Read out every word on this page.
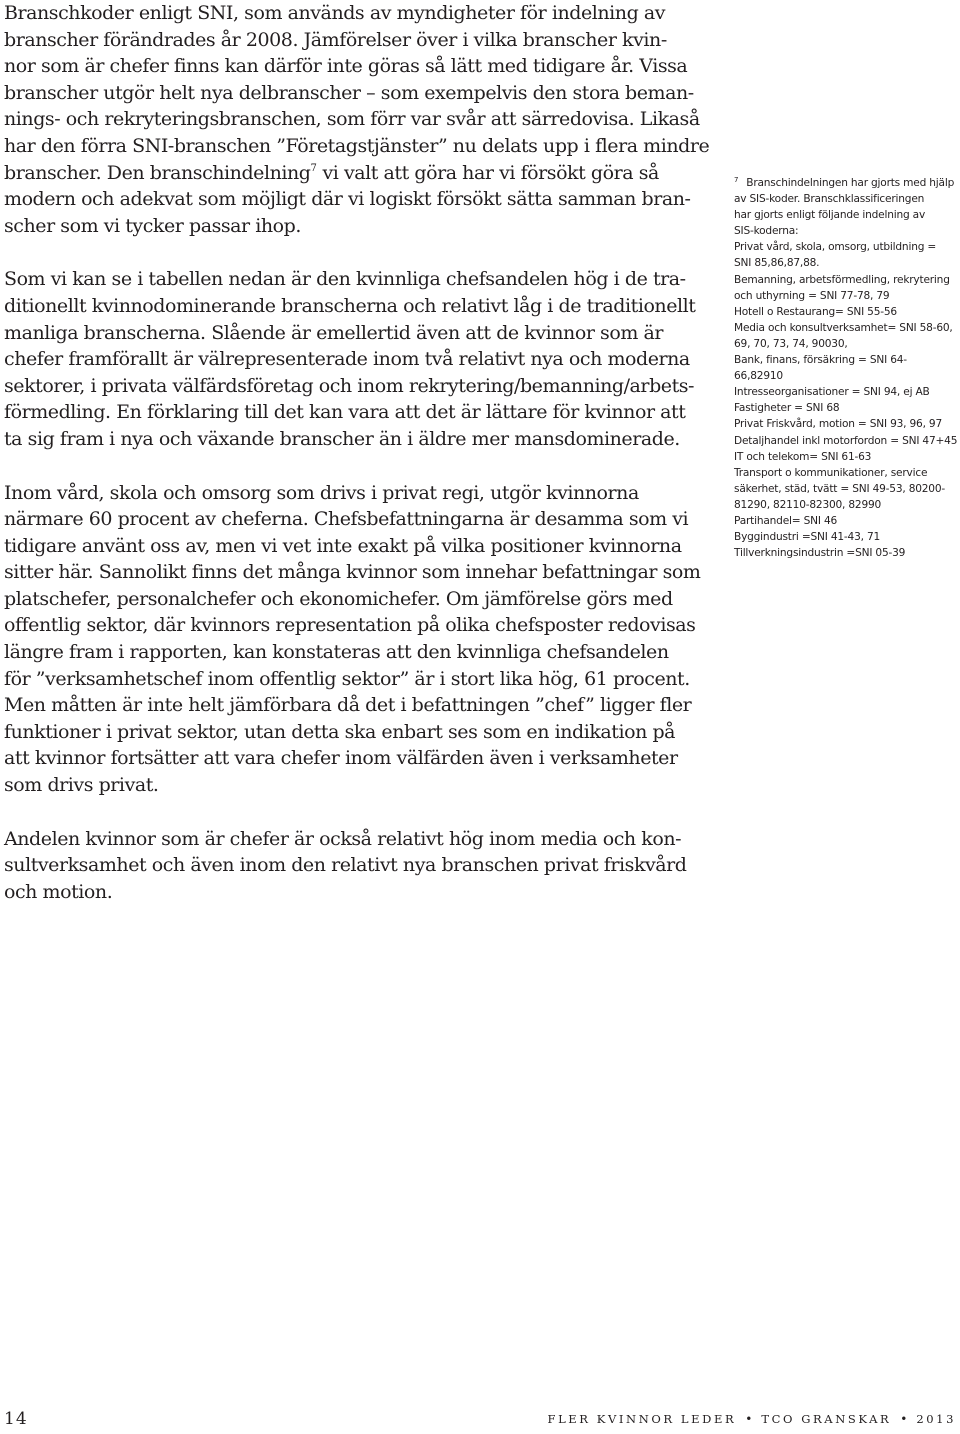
Branschkoder enligt SNI, som används av myndigheter för indelning av
branscher förändrades år 2008. Jämförelser över i vilka branscher kvin-
nor som är chefer finns kan därför inte göras så lätt med tidigare år. Vissa
branscher utgör helt nya delbranscher – som exempelvis den stora beman-
nings- och rekryteringsbranschen, som förr var svår att särredovisa. Likaså
har den förra SNI-branschen ”Företagstjänster” nu delats upp i flera mindre
branscher. Den branschindelning$^7$ vi valt att göra har vi försökt göra så
modern och adekvat som möjligt där vi logiskt försökt sätta samman bran-
scher som vi tycker passar ihop.

Som vi kan se i tabellen nedan är den kvinnliga chefsandelen hög i de tra-
ditionellt kvinnodominerande branscherna och relativt låg i de traditionellt
manliga branscherna. Slående är emellertid även att de kvinnor som är
chefer framförallt är välrepresenterade inom två relativt nya och moderna
sektorer, i privata välfärdsföretag och inom rekrytering/bemanning/arbets-
förmedling. En förklaring till det kan vara att det är lättare för kvinnor att
ta sig fram i nya och växande branscher än i äldre mer mansdominerade.

Inom vård, skola och omsorg som drivs i privat regi, utgör kvinnorna
närmare 60 procent av cheferna. Chefsbefattningarna är desamma som vi
tidigare använt oss av, men vi vet inte exakt på vilka positioner kvinnorna
sitter här. Sannolikt finns det många kvinnor som innehar befattningar som
platschefer, personalchefer och ekonomichefer. Om jämförelse görs med
offentlig sektor, där kvinnors representation på olika chefsposter redovisas
längre fram i rapporten, kan konstateras att den kvinnliga chefsandelen
för ”verksamhetschef inom offentlig sektor” är i stort lika hög, 61 procent.
Men måtten är inte helt jämförbara då det i befattningen ”chef” ligger fler
funktioner i privat sektor, utan detta ska enbart ses som en indikation på
att kvinnor fortsätter att vara chefer inom välfärden även i verksamheter
som drivs privat.

Andelen kvinnor som är chefer är också relativt hög inom media och kon-
sultverksamhet och även inom den relativt nya branschen privat friskvård
och motion.

$^7$ Branschindelningen har gjorts med hjälp
av SIS-koder. Branschklassificeringen
har gjorts enligt följande indelning av
SIS-koderna:
Privat vård, skola, omsorg, utbildning =
SNI 85,86,87,88.
Bemanning, arbetsförmedling, rekrytering
och uthyrning = SNI 77-78, 79
Hotell o Restaurang= SNI 55-56
Media och konsultverksamhet= SNI 58-60,
69, 70, 73, 74, 90030,
Bank, finans, försäkring = SNI 64-
66,82910
Intresseorganisationer = SNI 94, ej AB
Fastigheter = SNI 68
Privat Friskvård, motion = SNI 93, 96, 97
Detaljhandel inkl motorfordon = SNI 47+45
IT och telekom= SNI 61-63
Transport o kommunikationer, service
säkerhet, städ, tvätt = SNI 49-53, 80200-
81290, 82110-82300, 82990
Partihandel= SNI 46
Byggindustri =SNI 41-43, 71
Tillverkningsindustrin =SNI 05-39
14	FLER KVINNOR LEDER • TCO GRANSKAR • 2013
